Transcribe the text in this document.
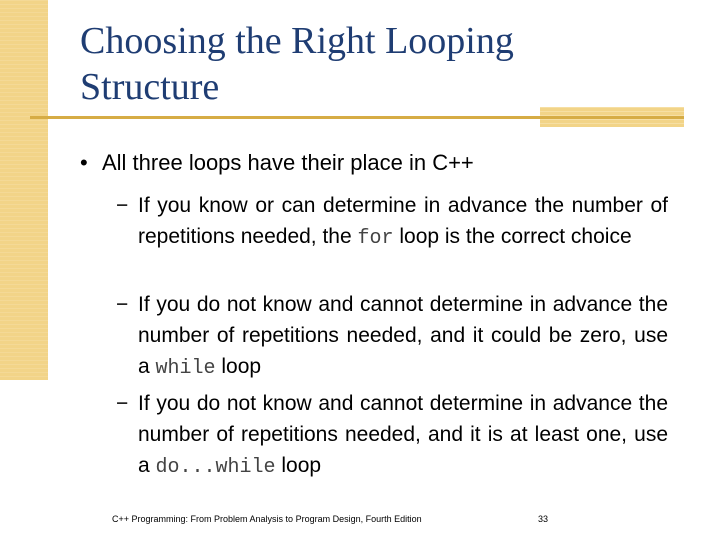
Choosing the Right Looping
Structure
• All three loops have their place in C++
− If you know or can determine in advance the number of repetitions needed, the for loop is the correct choice
− If you do not know and cannot determine in advance the number of repetitions needed, and it could be zero, use a while loop
− If you do not know and cannot determine in advance the number of repetitions needed, and it is at least one, use a do...while loop
C++ Programming: From Problem Analysis to Program Design, Fourth Edition	33
